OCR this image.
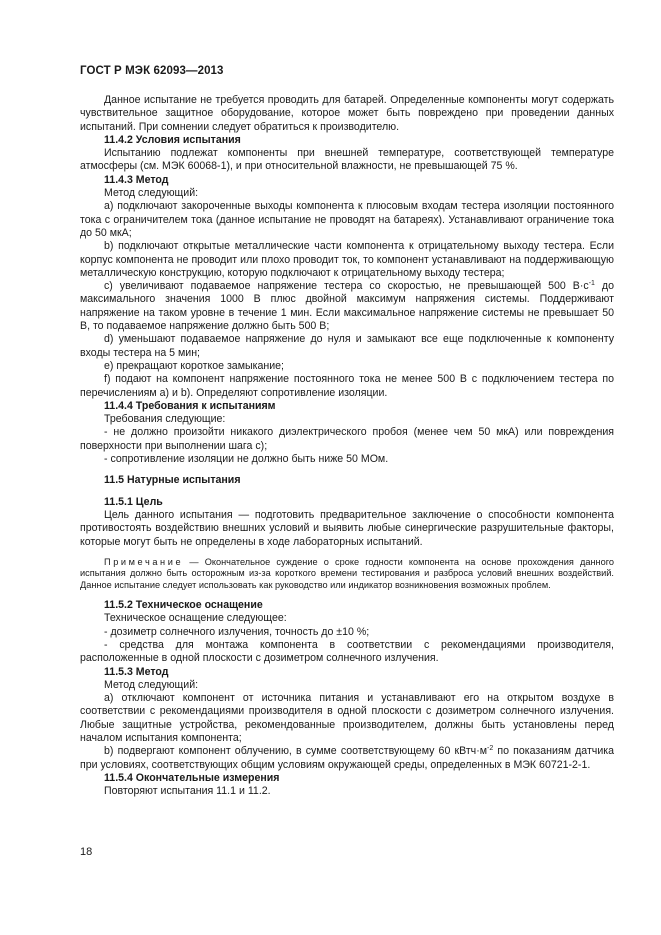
ГОСТ Р МЭК 62093—2013

Данное испытание не требуется проводить для батарей. Определенные компоненты могут содержать чувствительное защитное оборудование, которое может быть повреждено при проведении данных испытаний. При сомнении следует обратиться к производителю.

11.4.2 Условия испытания

Испытанию подлежат компоненты при внешней температуре, соответствующей температуре атмосферы (см. МЭК 60068-1), и при относительной влажности, не превышающей 75 %.

11.4.3 Метод

Метод следующий:

a) подключают закороченные выходы компонента к плюсовым входам тестера изоляции постоянного тока с ограничителем тока (данное испытание не проводят на батареях). Устанавливают ограничение тока до 50 мкА;

b) подключают открытые металлические части компонента к отрицательному выходу тестера. Если корпус компонента не проводит или плохо проводит ток, то компонент устанавливают на поддерживающую металлическую конструкцию, которую подключают к отрицательному выходу тестера;

c) увеличивают подаваемое напряжение тестера со скоростью, не превышающей 500 $В\cdot с^{-1}$ до максимального значения 1000 В плюс двойной максимум напряжения системы. Поддерживают напряжение на таком уровне в течение 1 мин. Если максимальное напряжение системы не превышает 50 В, то подаваемое напряжение должно быть 500 В;

d) уменьшают подаваемое напряжение до нуля и замыкают все еще подключенные к компоненту входы тестера на 5 мин;

e) прекращают короткое замыкание;

f) подают на компонент напряжение постоянного тока не менее 500 В с подключением тестера по перечислениям a) и b). Определяют сопротивление изоляции.

11.4.4 Требования к испытаниям

Требования следующие:

- не должно произойти никакого диэлектрического пробоя (менее чем 50 мкА) или повреждения поверхности при выполнении шага c);

- сопротивление изоляции не должно быть ниже 50 МОм.

11.5 Натурные испытания

11.5.1 Цель

Цель данного испытания — подготовить предварительное заключение о способности компонента противостоять воздействию внешних условий и выявить любые синергические разрушительные факторы, которые могут быть не определены в ходе лабораторных испытаний.

Примечание — Окончательное суждение о сроке годности компонента на основе прохождения данного испытания должно быть осторожным из-за короткого времени тестирования и разброса условий внешних воздействий. Данное испытание следует использовать как руководство или индикатор возникновения возможных проблем.

11.5.2 Техническое оснащение

Техническое оснащение следующее:

- дозиметр солнечного излучения, точность до ±10 %;

- средства для монтажа компонента в соответствии с рекомендациями производителя, расположенные в одной плоскости с дозиметром солнечного излучения.

11.5.3 Метод

Метод следующий:

a) отключают компонент от источника питания и устанавливают его на открытом воздухе в соответствии с рекомендациями производителя в одной плоскости с дозиметром солнечного излучения. Любые защитные устройства, рекомендованные производителем, должны быть установлены перед началом испытания компонента;

b) подвергают компонент облучению, в сумме соответствующему 60 $кВтч\cdot м^{-2}$ по показаниям датчика при условиях, соответствующих общим условиям окружающей среды, определенных в МЭК 60721-2-1.

11.5.4 Окончательные измерения

Повторяют испытания 11.1 и 11.2.

18
